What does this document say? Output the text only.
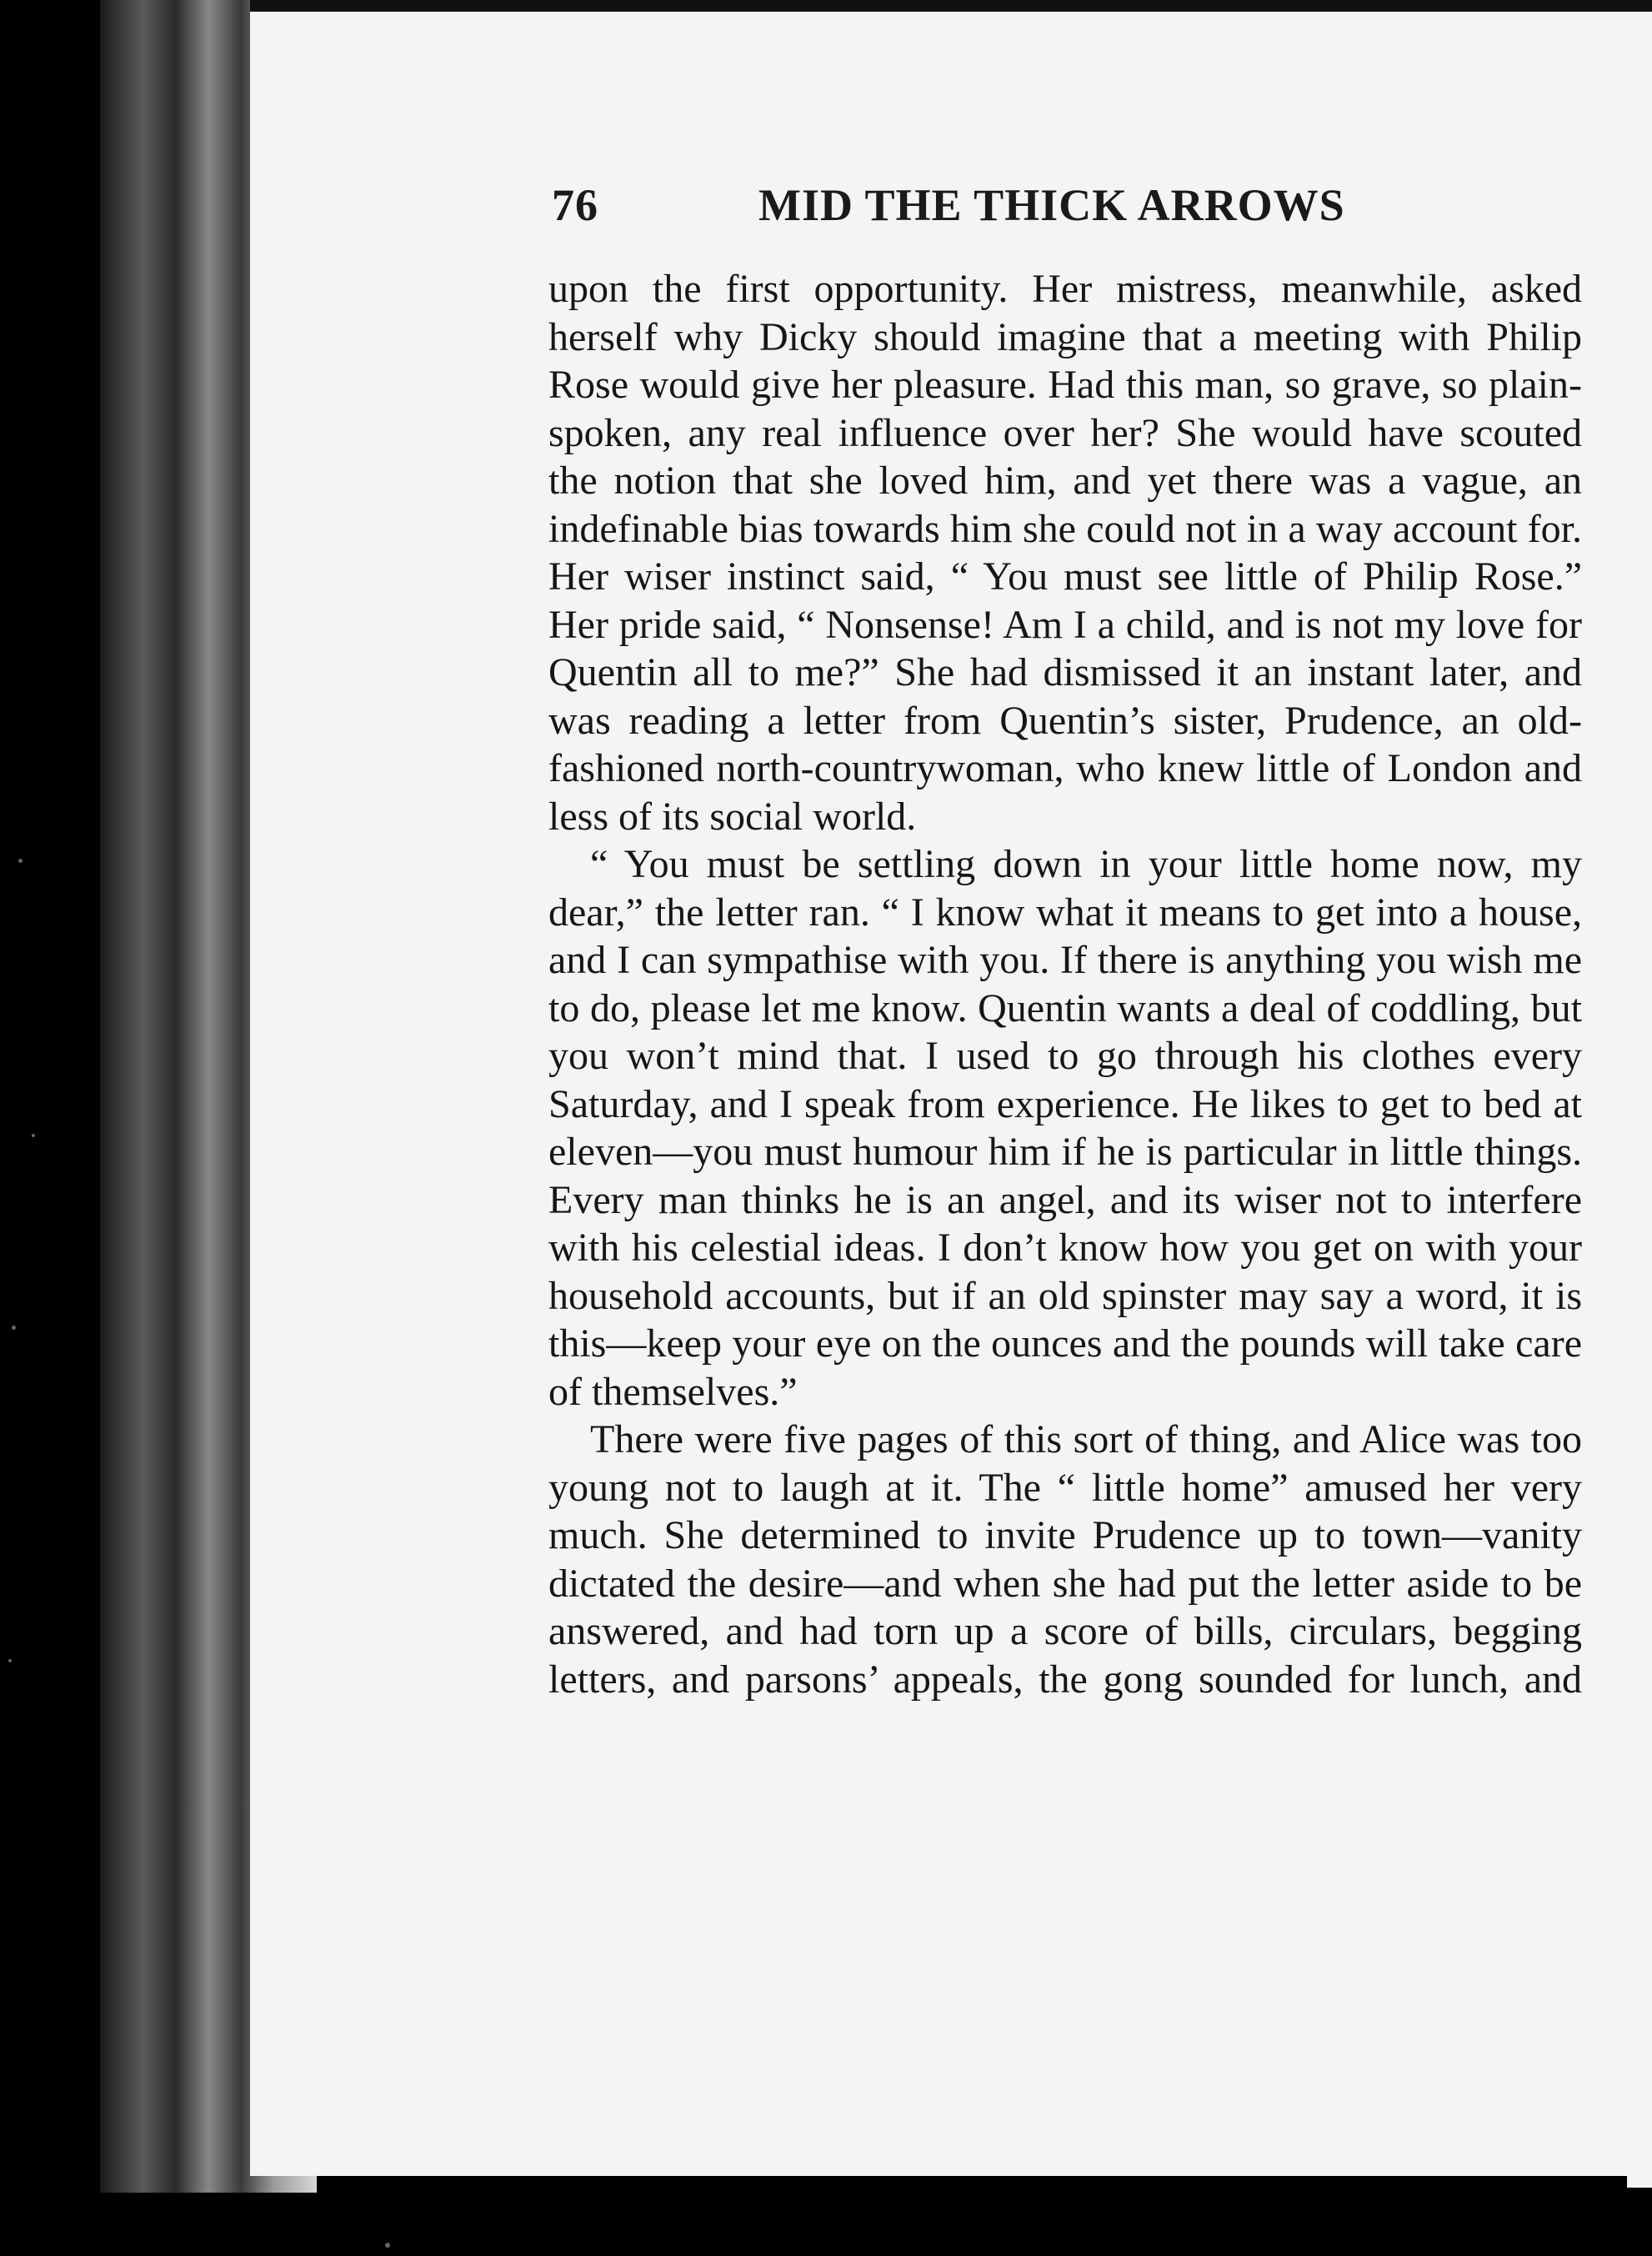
76	MID THE THICK ARROWS

upon the first opportunity. Her mistress, meanwhile, asked herself why Dicky should imagine that a meeting with Philip Rose would give her pleasure. Had this man, so grave, so plain-spoken, any real influence over her? She would have scouted the notion that she loved him, and yet there was a vague, an indefinable bias towards him she could not in a way account for. Her wiser instinct said, “ You must see little of Philip Rose.” Her pride said, “ Nonsense! Am I a child, and is not my love for Quentin all to me?” She had dismissed it an instant later, and was reading a letter from Quentin’s sister, Prudence, an old-fashioned north-countrywoman, who knew little of London and less of its social world.

“ You must be settling down in your little home now, my dear,” the letter ran. “ I know what it means to get into a house, and I can sympathise with you. If there is anything you wish me to do, please let me know. Quentin wants a deal of coddling, but you won’t mind that. I used to go through his clothes every Saturday, and I speak from experience. He likes to get to bed at eleven—you must humour him if he is particular in little things. Every man thinks he is an angel, and its wiser not to interfere with his celestial ideas. I don’t know how you get on with your household accounts, but if an old spinster may say a word, it is this—keep your eye on the ounces and the pounds will take care of themselves.”

There were five pages of this sort of thing, and Alice was too young not to laugh at it. The “ little home” amused her very much. She determined to invite Prudence up to town—vanity dictated the desire—and when she had put the letter aside to be answered, and had torn up a score of bills, circulars, begging letters, and parsons’ appeals, the gong sounded for lunch, and
